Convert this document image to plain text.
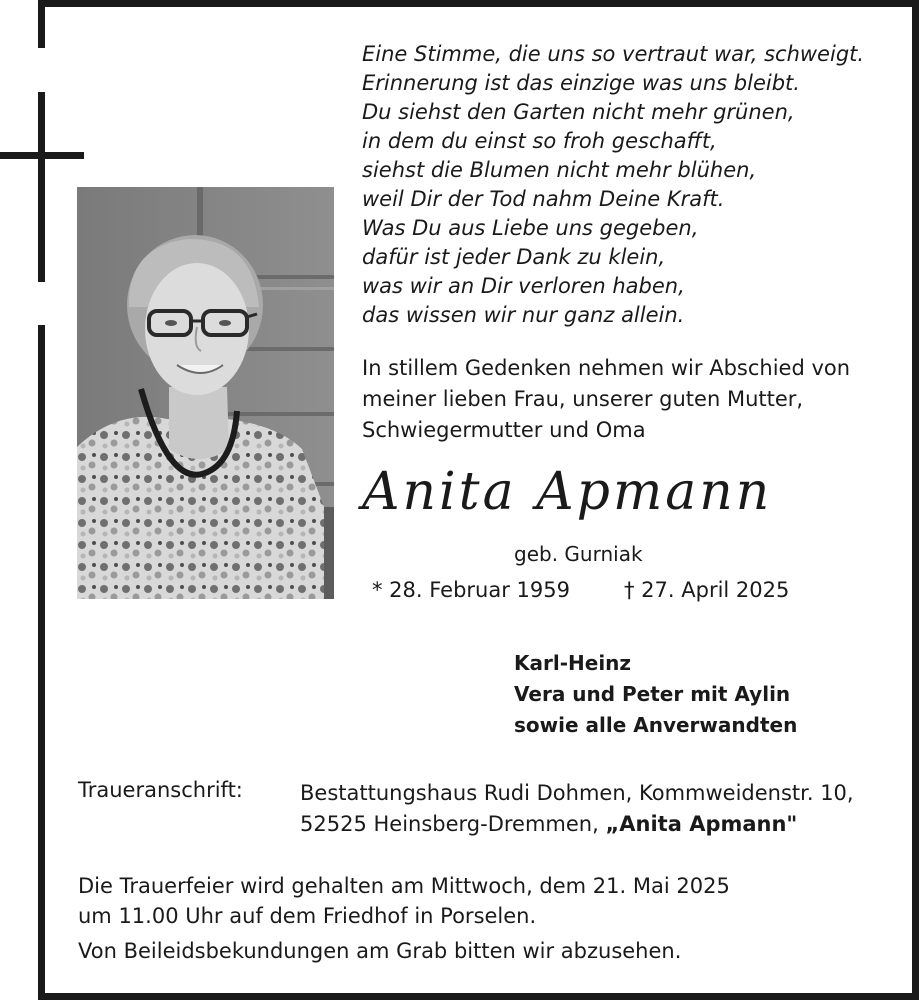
Eine Stimme, die uns so vertraut war, schweigt.
Erinnerung ist das einzige was uns bleibt.
Du siehst den Garten nicht mehr grünen,
in dem du einst so froh geschafft,
siehst die Blumen nicht mehr blühen,
weil Dir der Tod nahm Deine Kraft.
Was Du aus Liebe uns gegeben,
dafür ist jeder Dank zu klein,
was wir an Dir verloren haben,
das wissen wir nur ganz allein.
In stillem Gedenken nehmen wir Abschied von
meiner lieben Frau, unserer guten Mutter,
Schwiegermutter und Oma
Anita Apmann
geb. Gurniak
* 28. Februar 1959	† 27. April 2025
Karl-Heinz
Vera und Peter mit Aylin
sowie alle Anverwandten
Traueranschrift:	Bestattungshaus Rudi Dohmen, Kommweidenstr. 10,
52525 Heinsberg-Dremmen, „Anita Apmann"
Die Trauerfeier wird gehalten am Mittwoch, dem 21. Mai 2025
um 11.00 Uhr auf dem Friedhof in Porselen.
Von Beileidsbekundungen am Grab bitten wir abzusehen.
